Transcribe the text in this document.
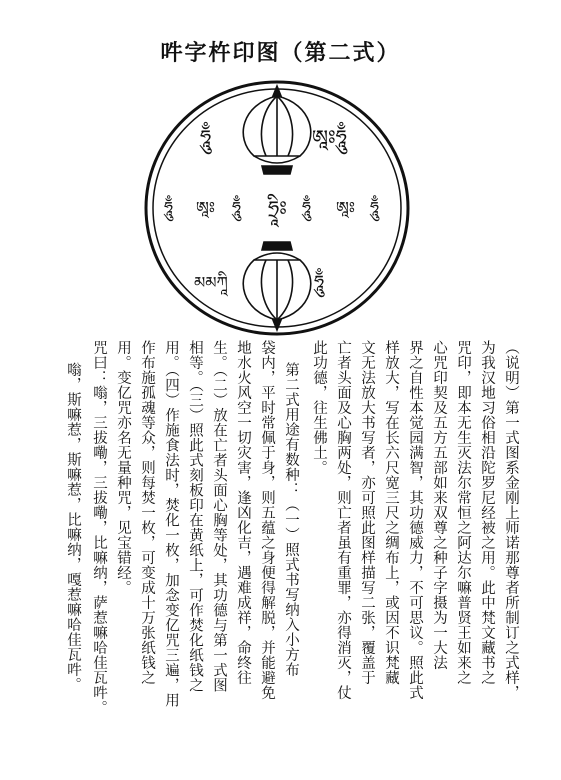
吽字杵印图（第二式）
ཧཱུྃ	ཨཱཿཧཱུྃ
ཧཱུྃ ཨཱཿ ཧཱུྃ ཧྲཱིཿ ཧཱུྃ ཨཱཿ ཧཱུྃ
མམཀཱི	ཧཱུྃ
（说明）第一式图系金刚上师诺那尊者所制订之式样，
为我汉地习俗相沿陀罗尼经被之用。此中梵文藏书之
咒印，即本无生灭法尔常恒之阿达尔嘛普贤王如来之
心咒印契及五方五部如来双尊之种子字摄为一大法
界之自性本觉园满智，其功德威力，不可思议。照此式
样放大，写在长六尺宽三尺之绸布上，或因不识梵藏
文无法放大书写者，亦可照此图样描写二张，覆盖于
亡者头面及心胸两处，则亡者虽有重罪，亦得消灭，仗
此功德，往生佛土。
第二式用途有数种：（一）照式书写纳入小方布
袋内，平时常佩于身，则五蕴之身便得解脱，并能避免
地水火风空一切灾害，逢凶化吉，遇难成祥，命终往
生。（二）放在亡者头面心胸等处，其功德与第一式图
相等。（三）照此式刻板印在黄纸上，可作焚化纸钱之
用。（四）作施食法时，焚化一枚，加念变亿咒三遍，用
作布施孤魂等众，则每焚一枚，可变成十万张纸钱之
用。变亿咒亦名无量种咒，见宝错经。
咒曰：嗡，三拔嘞，三拔嘞，比嘛纳，萨惹嘛哈佳瓦吽。
嗡，斯嘛惹，斯嘛惹，比嘛纳，嘎惹嘛哈佳瓦吽。
